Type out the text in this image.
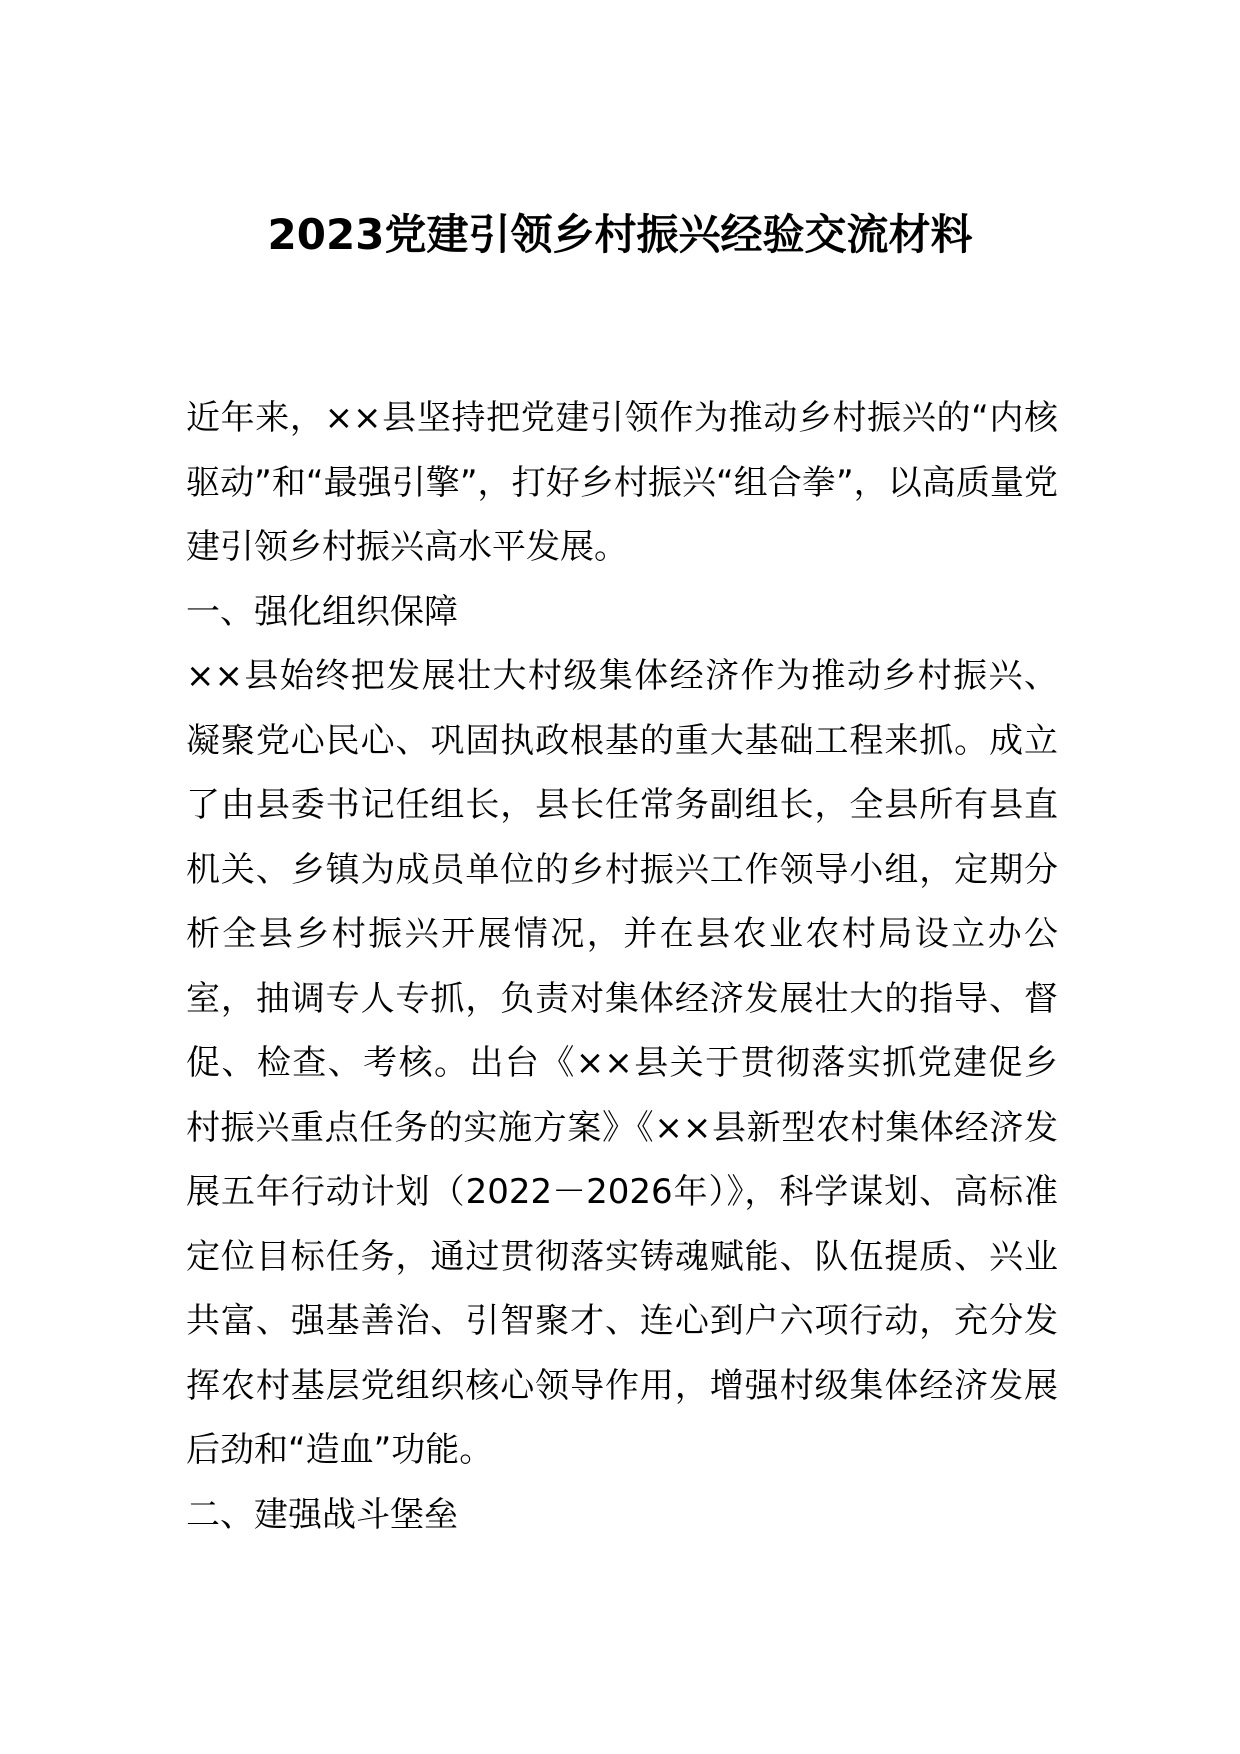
2023党建引领乡村振兴经验交流材料

近年来，××县坚持把党建引领作为推动乡村振兴的“内核驱动”和“最强引擎”，打好乡村振兴“组合拳”，以高质量党建引领乡村振兴高水平发展。

一、强化组织保障

××县始终把发展壮大村级集体经济作为推动乡村振兴、凝聚党心民心、巩固执政根基的重大基础工程来抓。成立了由县委书记任组长，县长任常务副组长，全县所有县直机关、乡镇为成员单位的乡村振兴工作领导小组，定期分析全县乡村振兴开展情况，并在县农业农村局设立办公室，抽调专人专抓，负责对集体经济发展壮大的指导、督促、检查、考核。出台《××县关于贯彻落实抓党建促乡村振兴重点任务的实施方案》《××县新型农村集体经济发展五年行动计划（2022－2026年）》，科学谋划、高标准定位目标任务，通过贯彻落实铸魂赋能、队伍提质、兴业共富、强基善治、引智聚才、连心到户六项行动，充分发挥农村基层党组织核心领导作用，增强村级集体经济发展后劲和“造血”功能。

二、建强战斗堡垒
